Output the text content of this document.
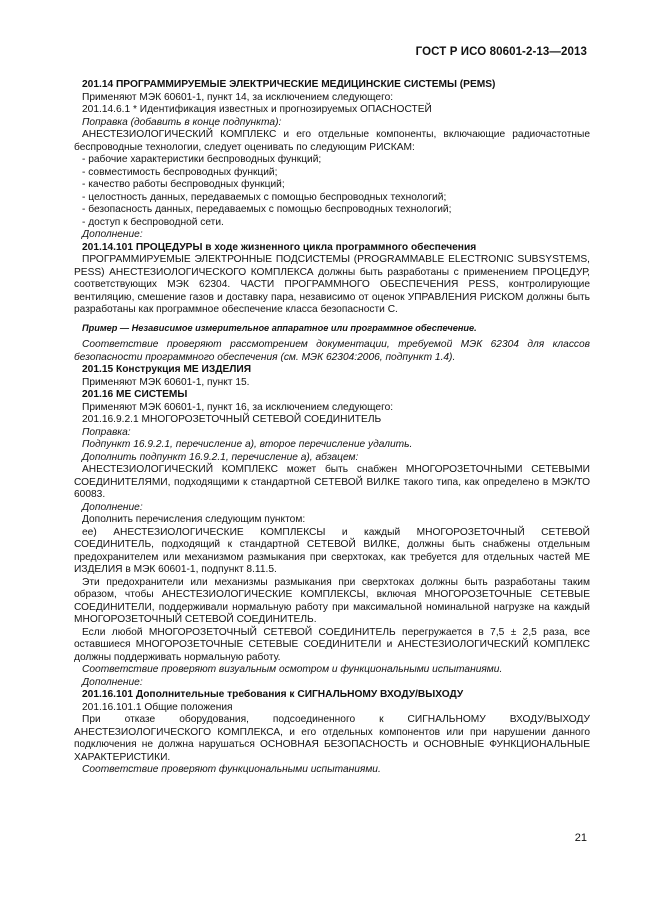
ГОСТ Р ИСО 80601-2-13—2013

201.14 ПРОГРАММИРУЕМЫЕ ЭЛЕКТРИЧЕСКИЕ МЕДИЦИНСКИЕ СИСТЕМЫ (PEMS)

Применяют МЭК 60601-1, пункт 14, за исключением следующего:

201.14.6.1 * Идентификация известных и прогнозируемых ОПАСНОСТЕЙ

Поправка (добавить в конце подпункта):

АНЕСТЕЗИОЛОГИЧЕСКИЙ КОМПЛЕКС и его отдельные компоненты, включающие радиочастотные беспроводные технологии, следует оценивать по следующим РИСКАМ:

- рабочие характеристики беспроводных функций;

- совместимость беспроводных функций;

- качество работы беспроводных функций;

- целостность данных, передаваемых с помощью беспроводных технологий;

- безопасность данных, передаваемых с помощью беспроводных технологий;

- доступ к беспроводной сети.

Дополнение:

201.14.101 ПРОЦЕДУРЫ в ходе жизненного цикла программного обеспечения

ПРОГРАММИРУЕМЫЕ ЭЛЕКТРОННЫЕ ПОДСИСТЕМЫ (PROGRAMMABLE ELECTRONIC SUBSYSTEMS, PESS) АНЕСТЕЗИОЛОГИЧЕСКОГО КОМПЛЕКСА должны быть разработаны с применением ПРОЦЕДУР, соответствующих МЭК 62304. ЧАСТИ ПРОГРАММНОГО ОБЕСПЕЧЕНИЯ PESS, контролирующие вентиляцию, смешение газов и доставку пара, независимо от оценок УПРАВЛЕНИЯ РИСКОМ должны быть разработаны как программное обеспечение класса безопасности С.

Пример — Независимое измерительное аппаратное или программное обеспечение.

Соответствие проверяют рассмотрением документации, требуемой МЭК 62304 для классов безопасности программного обеспечения (см. МЭК 62304:2006, подпункт 1.4).

201.15 Конструкция МЕ ИЗДЕЛИЯ

Применяют МЭК 60601-1, пункт 15.

201.16 МЕ СИСТЕМЫ

Применяют МЭК 60601-1, пункт 16, за исключением следующего:

201.16.9.2.1 МНОГОРОЗЕТОЧНЫЙ СЕТЕВОЙ СОЕДИНИТЕЛЬ

Поправка:

Подпункт 16.9.2.1, перечисление а), второе перечисление удалить.

Дополнить подпункт 16.9.2.1, перечисление а), абзацем:

АНЕСТЕЗИОЛОГИЧЕСКИЙ КОМПЛЕКС может быть снабжен МНОГОРОЗЕТОЧНЫМИ СЕТЕВЫМИ СОЕДИНИТЕЛЯМИ, подходящими к стандартной СЕТЕВОЙ ВИЛКЕ такого типа, как определено в МЭК/ТО 60083.

Дополнение:

Дополнить перечисления следующим пунктом:

ee) АНЕСТЕЗИОЛОГИЧЕСКИЕ КОМПЛЕКСЫ и каждый МНОГОРОЗЕТОЧНЫЙ СЕТЕВОЙ СОЕДИНИТЕЛЬ, подходящий к стандартной СЕТЕВОЙ ВИЛКЕ, должны быть снабжены отдельным предохранителем или механизмом размыкания при сверхтоках, как требуется для отдельных частей МЕ ИЗДЕЛИЯ в МЭК 60601-1, подпункт 8.11.5.

Эти предохранители или механизмы размыкания при сверхтоках должны быть разработаны таким образом, чтобы АНЕСТЕЗИОЛОГИЧЕСКИЕ КОМПЛЕКСЫ, включая МНОГОРОЗЕТОЧНЫЕ СЕТЕВЫЕ СОЕДИНИТЕЛИ, поддерживали нормальную работу при максимальной номинальной нагрузке на каждый МНОГОРОЗЕТОЧНЫЙ СЕТЕВОЙ СОЕДИНИТЕЛЬ.

Если любой МНОГОРОЗЕТОЧНЫЙ СЕТЕВОЙ СОЕДИНИТЕЛЬ перегружается в 7,5 ± 2,5 раза, все оставшиеся МНОГОРОЗЕТОЧНЫЕ СЕТЕВЫЕ СОЕДИНИТЕЛИ и АНЕСТЕЗИОЛОГИЧЕСКИЙ КОМПЛЕКС должны поддерживать нормальную работу.

Соответствие проверяют визуальным осмотром и функциональными испытаниями.

Дополнение:

201.16.101 Дополнительные требования к СИГНАЛЬНОМУ ВХОДУ/ВЫХОДУ

201.16.101.1 Общие положения

При отказе оборудования, подсоединенного к СИГНАЛЬНОМУ ВХОДУ/ВЫХОДУ АНЕСТЕЗИОЛОГИЧЕСКОГО КОМПЛЕКСА, и его отдельных компонентов или при нарушении данного подключения не должна нарушаться ОСНОВНАЯ БЕЗОПАСНОСТЬ и ОСНОВНЫЕ ФУНКЦИОНАЛЬНЫЕ ХАРАКТЕРИСТИКИ.

Соответствие проверяют функциональными испытаниями.

21
